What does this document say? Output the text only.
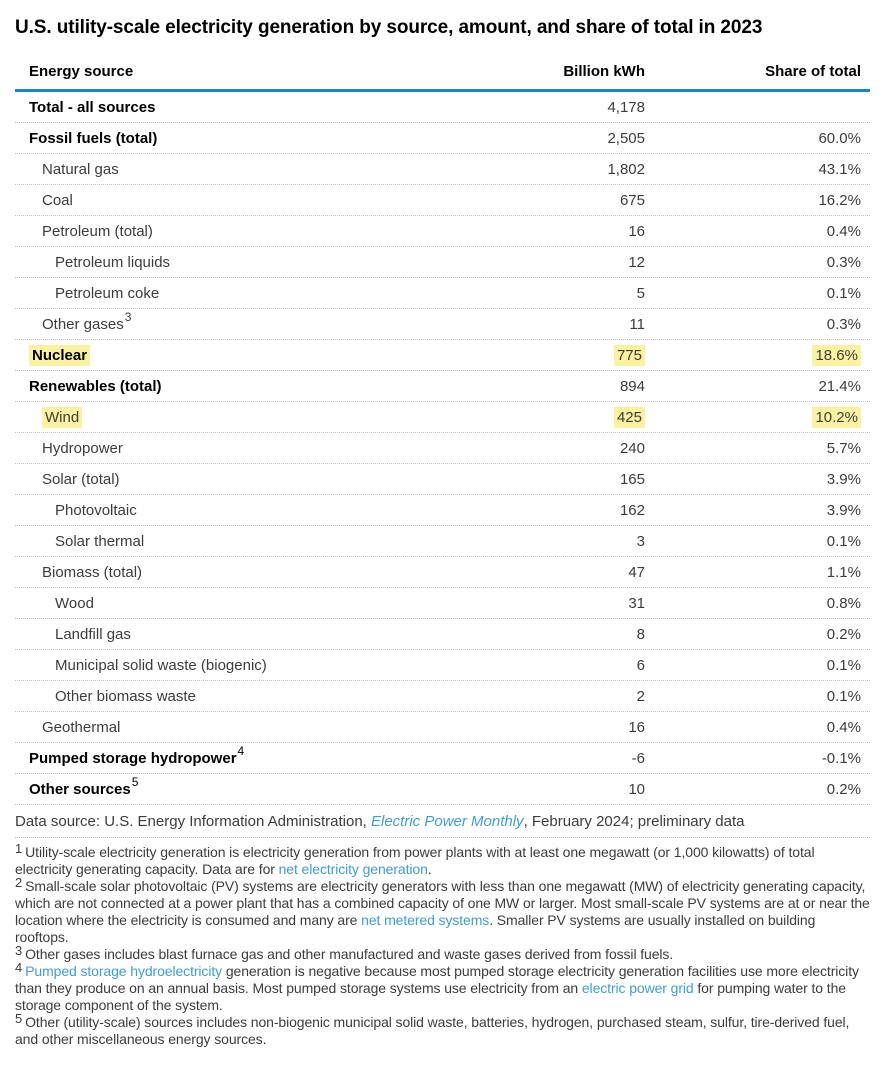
U.S. utility-scale electricity generation by source, amount, and share of total in 2023
Energy source	Billion kWh	Share of total
Total - all sources	4,178
Fossil fuels (total)	2,505	60.0%
Natural gas	1,802	43.1%
Coal	675	16.2%
Petroleum (total)	16	0.4%
Petroleum liquids	12	0.3%
Petroleum coke	5	0.1%
Other gases$^3$	11	0.3%
Nuclear	775	18.6%
Renewables (total)	894	21.4%
Wind	425	10.2%
Hydropower	240	5.7%
Solar (total)	165	3.9%
Photovoltaic	162	3.9%
Solar thermal	3	0.1%
Biomass (total)	47	1.1%
Wood	31	0.8%
Landfill gas	8	0.2%
Municipal solid waste (biogenic)	6	0.1%
Other biomass waste	2	0.1%
Geothermal	16	0.4%
Pumped storage hydropower$^4$	-6	-0.1%
Other sources$^5$	10	0.2%
Data source: U.S. Energy Information Administration, Electric Power Monthly , February 2024; preliminary data
$^1$ Utility-scale electricity generation is electricity generation from power plants with at least one megawatt (or 1,000 kilowatts) of total electricity generating capacity. Data are for net electricity generation.
$^2$ Small-scale solar photovoltaic (PV) systems are electricity generators with less than one megawatt (MW) of electricity generating capacity, which are not connected at a power plant that has a combined capacity of one MW or larger. Most small-scale PV systems are at or near the location where the electricity is consumed and many are net metered systems. Smaller PV systems are usually installed on building rooftops.
$^3$ Other gases includes blast furnace gas and other manufactured and waste gases derived from fossil fuels.
$^4$ Pumped storage hydroelectricity generation is negative because most pumped storage electricity generation facilities use more electricity than they produce on an annual basis. Most pumped storage systems use electricity from an electric power grid for pumping water to the storage component of the system.
$^5$ Other (utility-scale) sources includes non-biogenic municipal solid waste, batteries, hydrogen, purchased steam, sulfur, tire-derived fuel, and other miscellaneous energy sources.
